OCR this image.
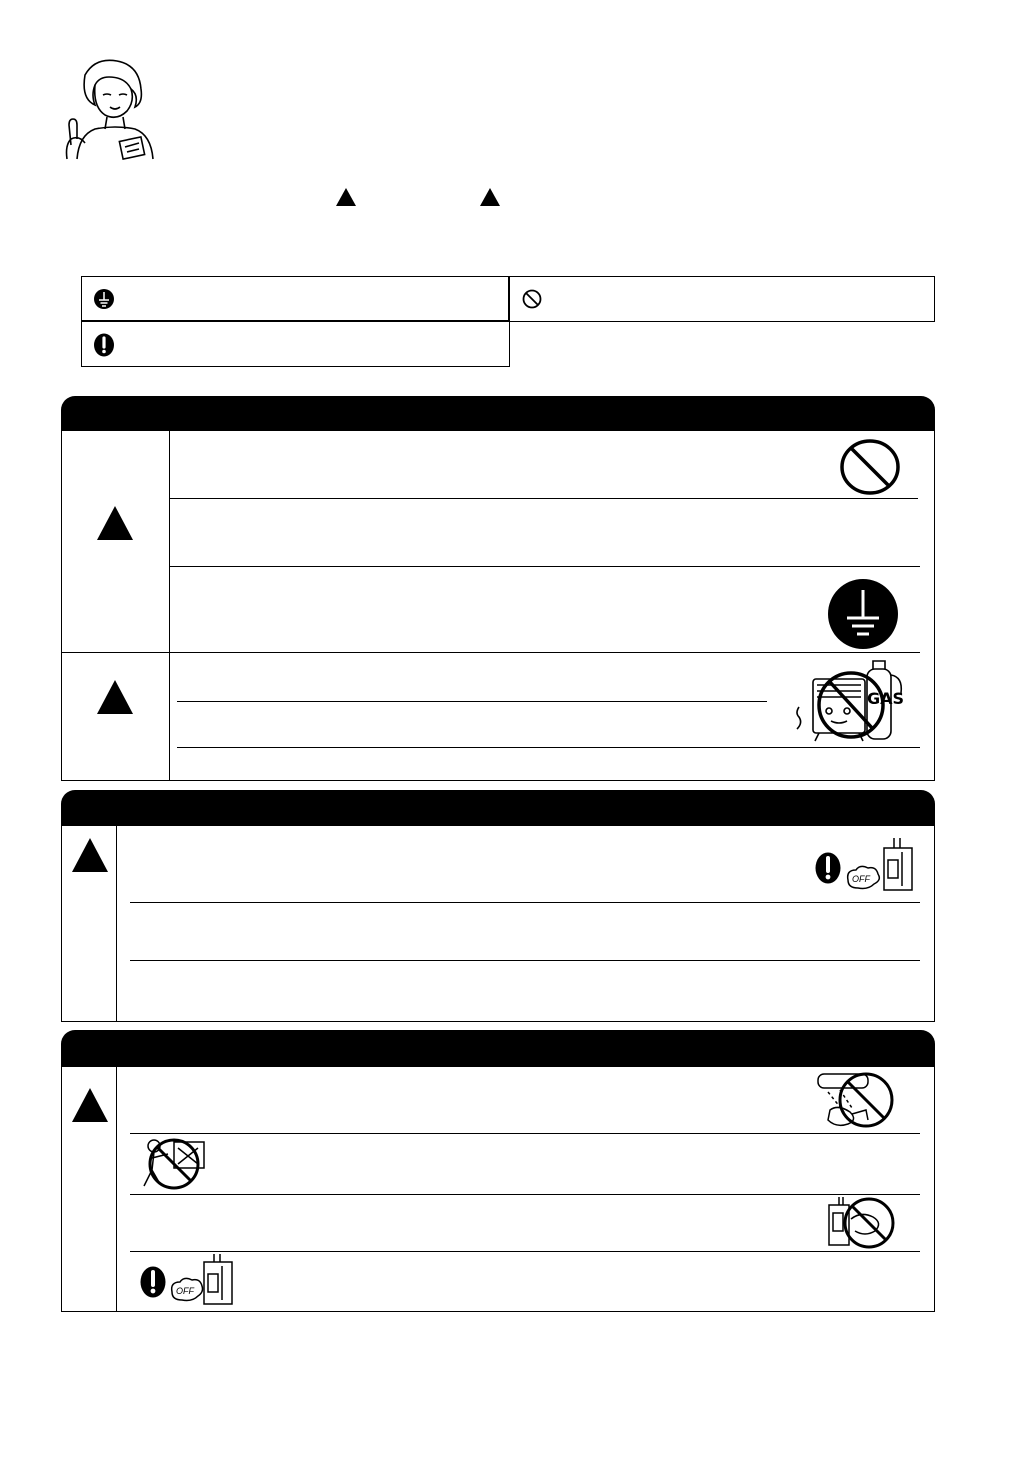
GAS
OFF
OFF
